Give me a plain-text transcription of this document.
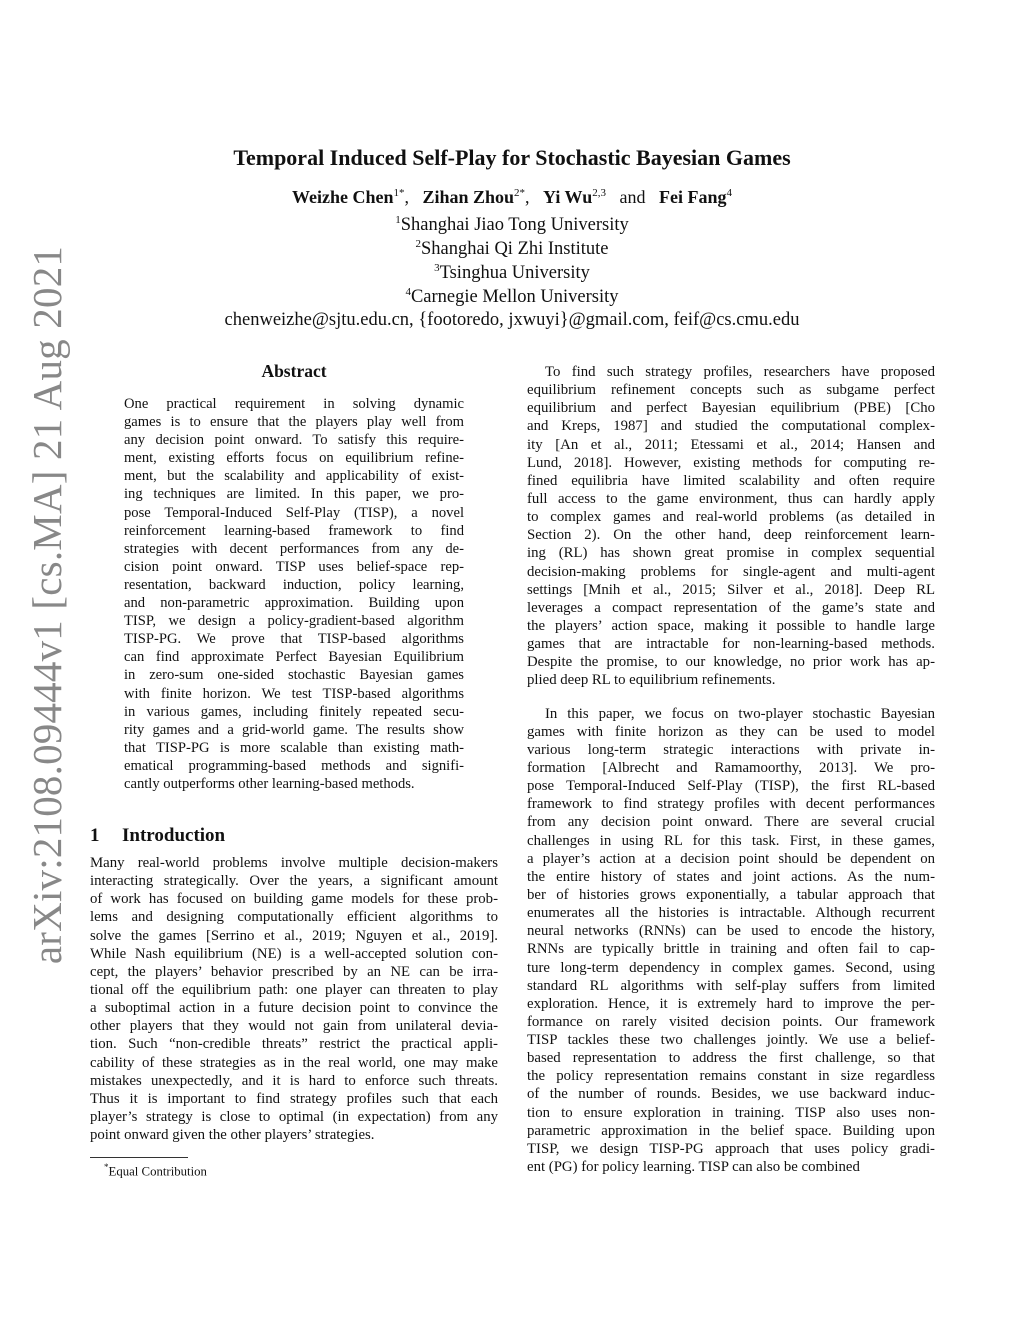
arXiv:2108.09444v1 [cs.MA] 21 Aug 2021
Temporal Induced Self-Play for Stochastic Bayesian Games
Weizhe Chen$^{1*}$, Zihan Zhou$^{2*}$, Yi Wu$^{2,3}$ and Fei Fang$^4$
$^1$Shanghai Jiao Tong University
$^2$Shanghai Qi Zhi Institute
$^3$Tsinghua University
$^4$Carnegie Mellon University
chenweizhe@sjtu.edu.cn, {footoredo, jxwuyi}@gmail.com, feif@cs.cmu.edu
Abstract
One practical requirement in solving dynamic
games is to ensure that the players play well from
any decision point onward. To satisfy this require-
ment, existing efforts focus on equilibrium refine-
ment, but the scalability and applicability of exist-
ing techniques are limited. In this paper, we pro-
pose Temporal-Induced Self-Play (TISP), a novel
reinforcement learning-based framework to find
strategies with decent performances from any de-
cision point onward. TISP uses belief-space rep-
resentation, backward induction, policy learning,
and non-parametric approximation. Building upon
TISP, we design a policy-gradient-based algorithm
TISP-PG. We prove that TISP-based algorithms
can find approximate Perfect Bayesian Equilibrium
in zero-sum one-sided stochastic Bayesian games
with finite horizon. We test TISP-based algorithms
in various games, including finitely repeated secu-
rity games and a grid-world game. The results show
that TISP-PG is more scalable than existing math-
ematical programming-based methods and signifi-
cantly outperforms other learning-based methods.
1 Introduction
Many real-world problems involve multiple decision-makers
interacting strategically. Over the years, a significant amount
of work has focused on building game models for these prob-
lems and designing computationally efficient algorithms to
solve the games [Serrino et al., 2019; Nguyen et al., 2019].
While Nash equilibrium (NE) is a well-accepted solution con-
cept, the players’ behavior prescribed by an NE can be irra-
tional off the equilibrium path: one player can threaten to play
a suboptimal action in a future decision point to convince the
other players that they would not gain from unilateral devia-
tion. Such “non-credible threats” restrict the practical appli-
cability of these strategies as in the real world, one may make
mistakes unexpectedly, and it is hard to enforce such threats.
Thus it is important to find strategy profiles such that each
player’s strategy is close to optimal (in expectation) from any
point onward given the other players’ strategies.
*Equal Contribution
To find such strategy profiles, researchers have proposed
equilibrium refinement concepts such as subgame perfect
equilibrium and perfect Bayesian equilibrium (PBE) [Cho
and Kreps, 1987] and studied the computational complex-
ity [An et al., 2011; Etessami et al., 2014; Hansen and
Lund, 2018]. However, existing methods for computing re-
fined equilibria have limited scalability and often require
full access to the game environment, thus can hardly apply
to complex games and real-world problems (as detailed in
Section 2). On the other hand, deep reinforcement learn-
ing (RL) has shown great promise in complex sequential
decision-making problems for single-agent and multi-agent
settings [Mnih et al., 2015; Silver et al., 2018]. Deep RL
leverages a compact representation of the game’s state and
the players’ action space, making it possible to handle large
games that are intractable for non-learning-based methods.
Despite the promise, to our knowledge, no prior work has ap-
plied deep RL to equilibrium refinements.
In this paper, we focus on two-player stochastic Bayesian
games with finite horizon as they can be used to model
various long-term strategic interactions with private in-
formation [Albrecht and Ramamoorthy, 2013]. We pro-
pose Temporal-Induced Self-Play (TISP), the first RL-based
framework to find strategy profiles with decent performances
from any decision point onward. There are several crucial
challenges in using RL for this task. First, in these games,
a player’s action at a decision point should be dependent on
the entire history of states and joint actions. As the num-
ber of histories grows exponentially, a tabular approach that
enumerates all the histories is intractable. Although recurrent
neural networks (RNNs) can be used to encode the history,
RNNs are typically brittle in training and often fail to cap-
ture long-term dependency in complex games. Second, using
standard RL algorithms with self-play suffers from limited
exploration. Hence, it is extremely hard to improve the per-
formance on rarely visited decision points. Our framework
TISP tackles these two challenges jointly. We use a belief-
based representation to address the first challenge, so that
the policy representation remains constant in size regardless
of the number of rounds. Besides, we use backward induc-
tion to ensure exploration in training. TISP also uses non-
parametric approximation in the belief space. Building upon
TISP, we design TISP-PG approach that uses policy gradi-
ent (PG) for policy learning. TISP can also be combined
